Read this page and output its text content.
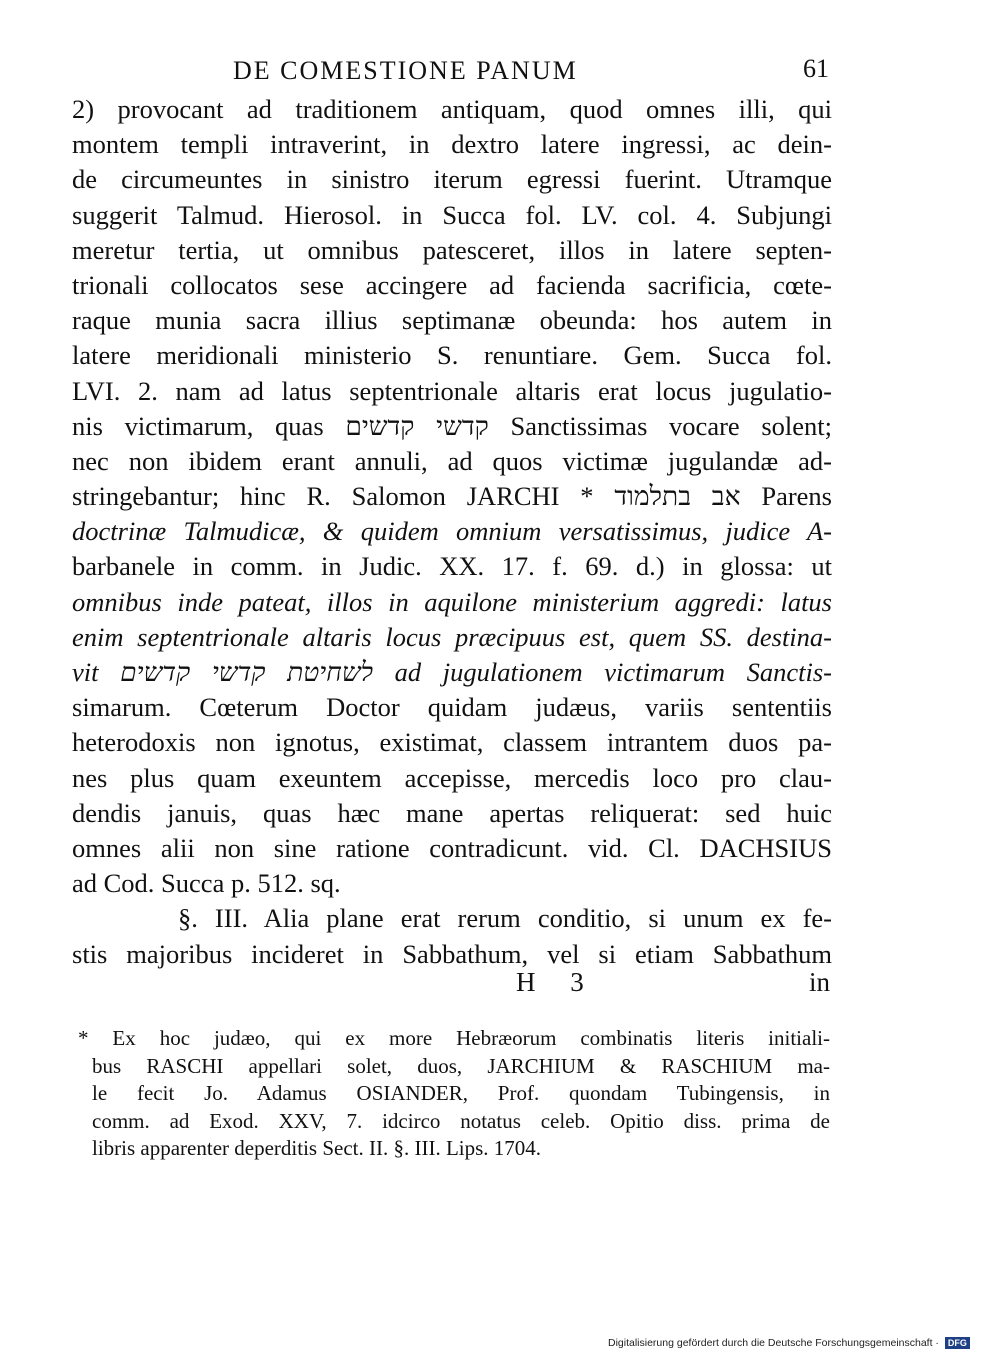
DE COMESTIONE PANUM	61
2) provocant ad traditionem antiquam, quod omnes illi, qui
montem templi intraverint, in dextro latere ingressi, ac dein-
de circumeuntes in sinistro iterum egressi fuerint. Utramque
suggerit Talmud. Hierosol. in Succa fol. LV. col. 4. Subjungi
meretur tertia, ut omnibus patesceret, illos in latere septen-
trionali collocatos sese accingere ad facienda sacrificia, cœte-
raque munia sacra illius septimanæ obeunda: hos autem in
latere meridionali ministerio S. renuntiare. Gem. Succa fol.
LVI. 2. nam ad latus septentrionale altaris erat locus jugulatio-
nis victimarum, quas קדשי קדשים Sanctissimas vocare solent;
nec non ibidem erant annuli, ad quos victimæ jugulandæ ad-
stringebantur; hinc R. Salomon JARCHI * אב בתלמוד Parens
doctrinæ Talmudicæ, & quidem omnium versatissimus, judice A-
barbanele in comm. in Judic. XX. 17. f. 69. d.) in glossa: ut
omnibus inde pateat, illos in aquilone ministerium aggredi: latus
enim septentrionale altaris locus præcipuus est, quem SS. destina-
vit לשחיטת קדשי קדשים ad jugulationem victimarum Sanctis-
simarum. Cœterum Doctor quidam judæus, variis sententiis
heterodoxis non ignotus, existimat, classem intrantem duos pa-
nes plus quam exeuntem accepisse, mercedis loco pro clau-
dendis januis, quas hæc mane apertas reliquerat: sed huic
omnes alii non sine ratione contradicunt. vid. Cl. DACHSIUS
ad Cod. Succa p. 512. sq.
§. III. Alia plane erat rerum conditio, si unum ex fe-
stis majoribus incideret in Sabbathum, vel si etiam Sabbathum
H 3	in
* Ex hoc judæo, qui ex more Hebræorum combinatis literis initiali-
bus RASCHI appellari solet, duos, JARCHIUM & RASCHIUM ma-
le fecit Jo. Adamus OSIANDER, Prof. quondam Tubingensis, in
comm. ad Exod. XXV, 7. idcirco notatus celeb. Opitio diss. prima de
libris apparenter deperditis Sect. II. §. III. Lips. 1704.
Digitalisierung gefördert durch die Deutsche Forschungsgemeinschaft · DFG
